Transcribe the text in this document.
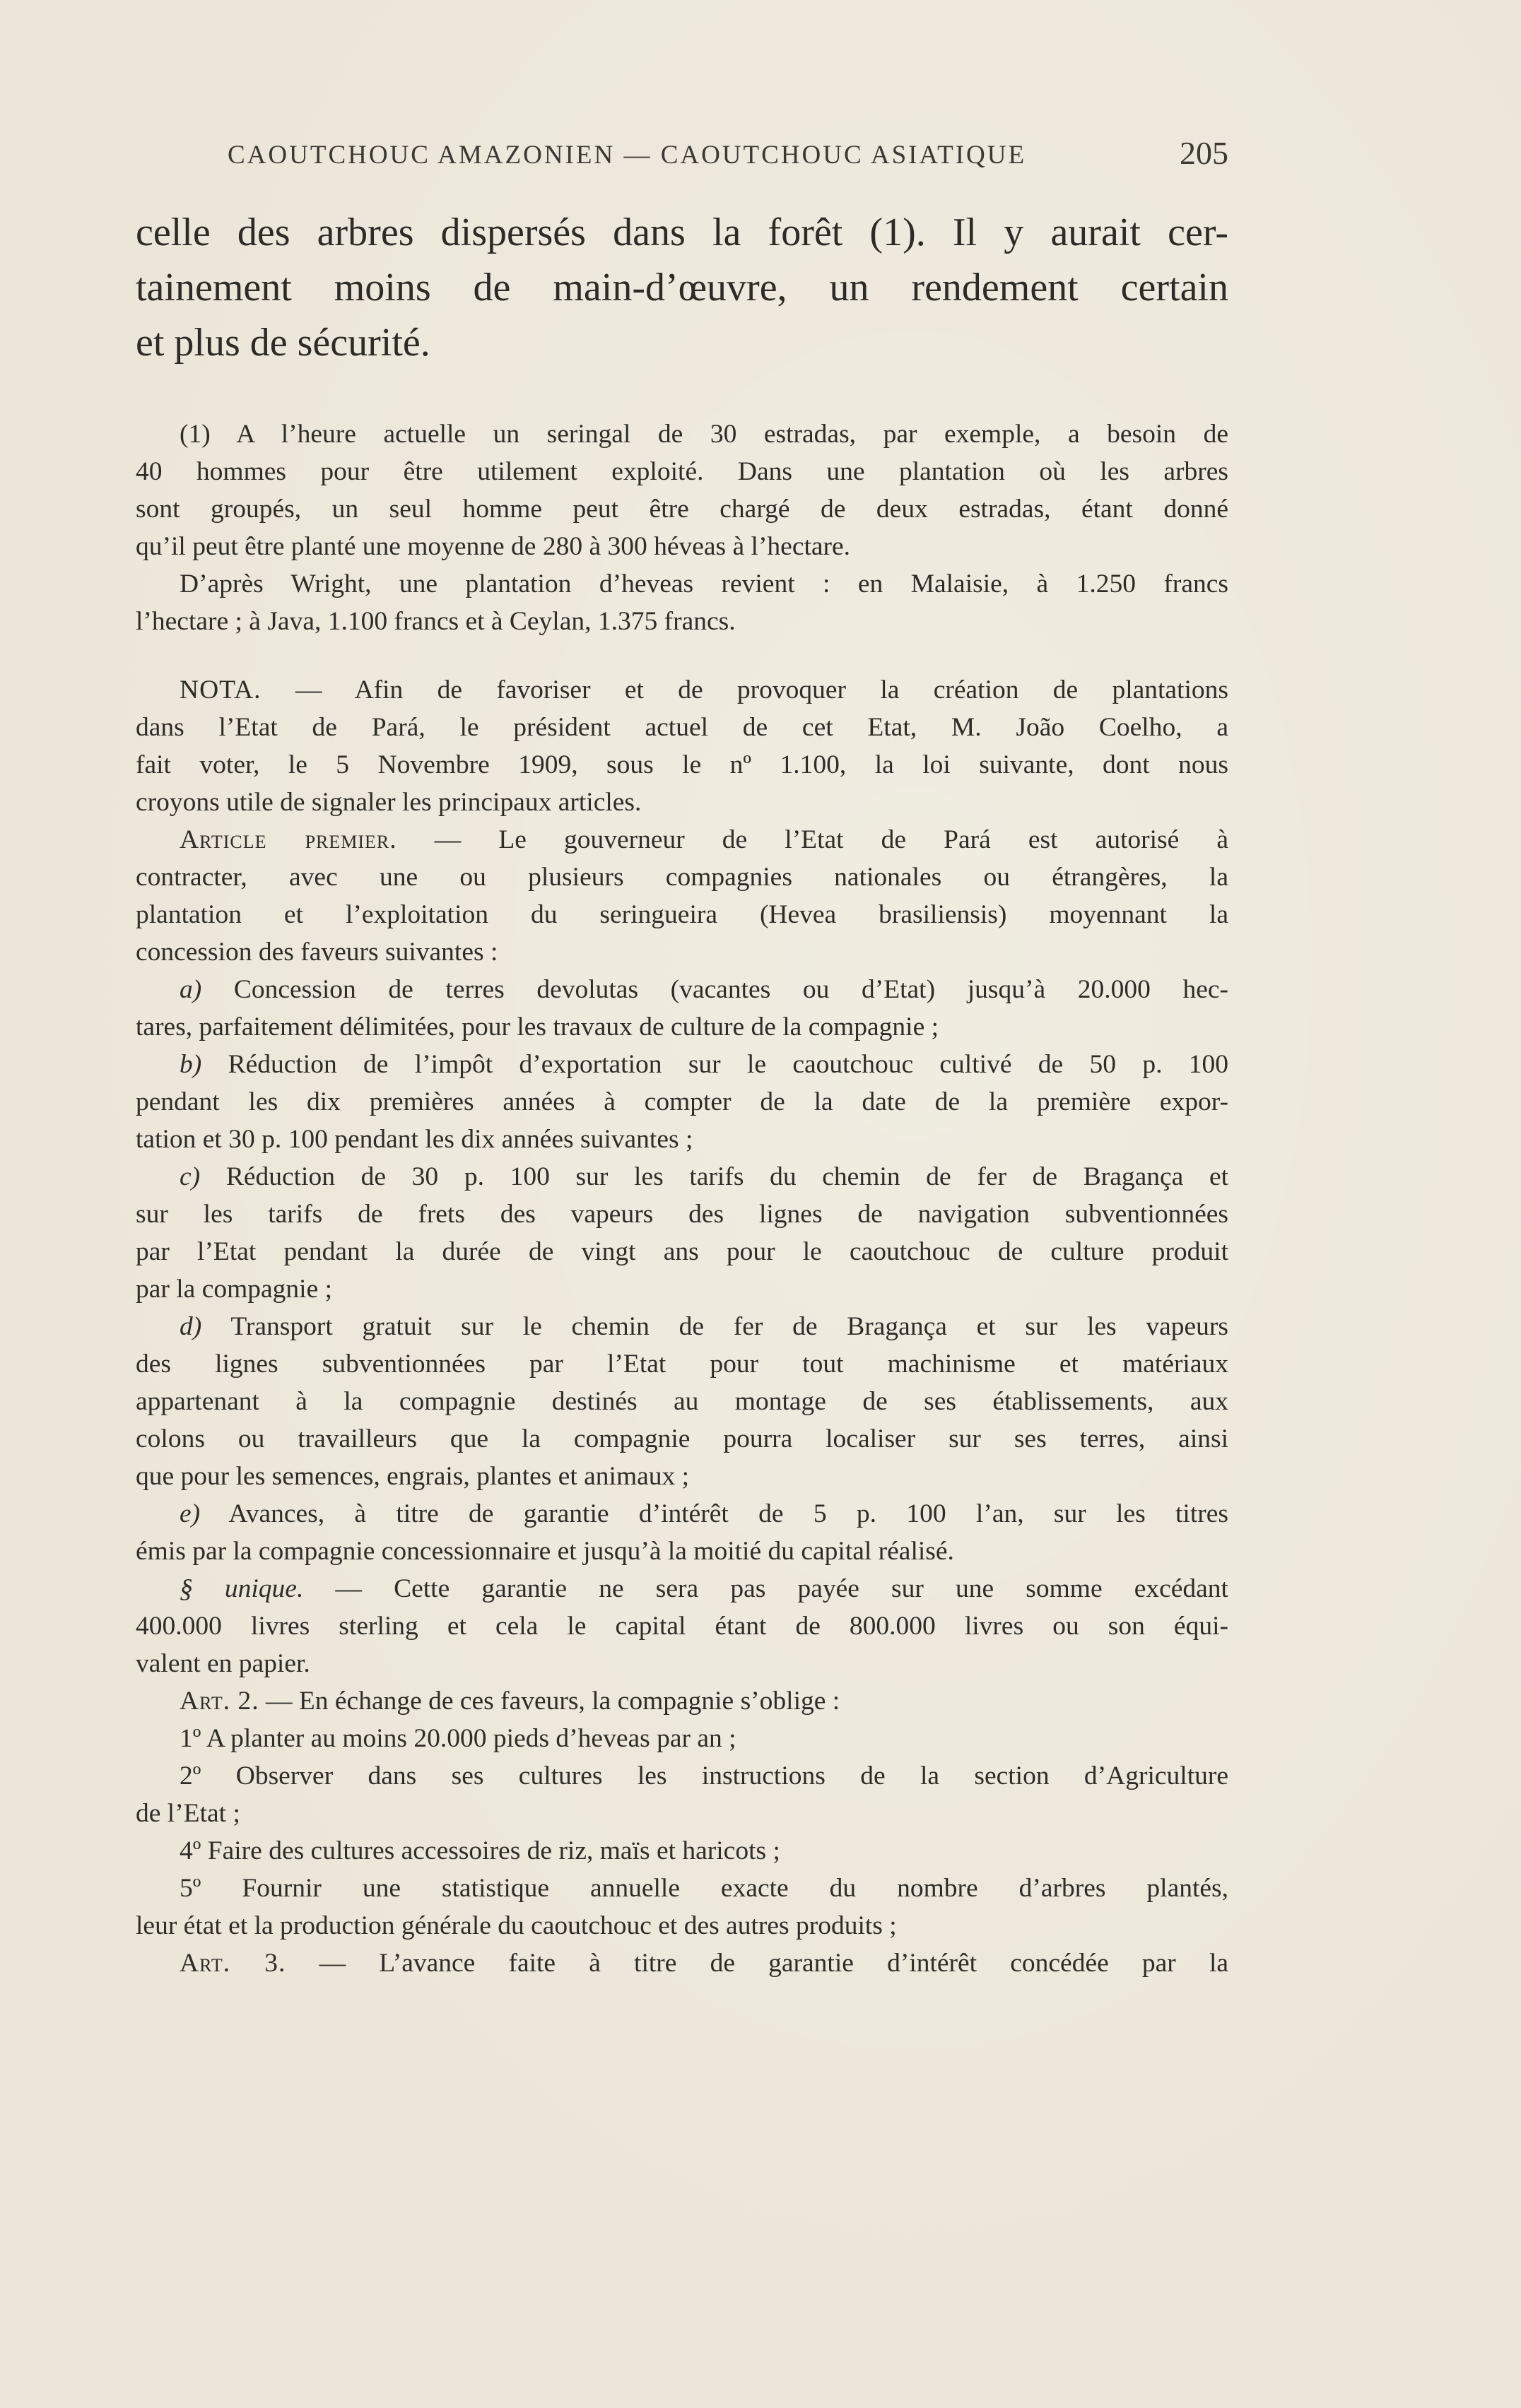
CAOUTCHOUC AMAZONIEN — CAOUTCHOUC ASIATIQUE	205
celle des arbres dispersés dans la forêt (1). Il y aurait cer-
tainement moins de main-d’œuvre, un rendement certain
et plus de sécurité.
(1) A l’heure actuelle un seringal de 30 estradas, par exemple, a besoin de
40 hommes pour être utilement exploité. Dans une plantation où les arbres
sont groupés, un seul homme peut être chargé de deux estradas, étant donné
qu’il peut être planté une moyenne de 280 à 300 héveas à l’hectare.
D’après Wright, une plantation d’heveas revient : en Malaisie, à 1.250 francs
l’hectare ; à Java, 1.100 francs et à Ceylan, 1.375 francs.
NOTA. — Afin de favoriser et de provoquer la création de plantations
dans l’Etat de Pará, le président actuel de cet Etat, M. João Coelho, a
fait voter, le 5 Novembre 1909, sous le nº 1.100, la loi suivante, dont nous
croyons utile de signaler les principaux articles.
Article premier. — Le gouverneur de l’Etat de Pará est autorisé à
contracter, avec une ou plusieurs compagnies nationales ou étrangères, la
plantation et l’exploitation du seringueira (Hevea brasiliensis) moyennant la
concession des faveurs suivantes :
a) Concession de terres devolutas (vacantes ou d’Etat) jusqu’à 20.000 hec-
tares, parfaitement délimitées, pour les travaux de culture de la compagnie ;
b) Réduction de l’impôt d’exportation sur le caoutchouc cultivé de 50 p. 100
pendant les dix premières années à compter de la date de la première expor-
tation et 30 p. 100 pendant les dix années suivantes ;
c) Réduction de 30 p. 100 sur les tarifs du chemin de fer de Bragança et
sur les tarifs de frets des vapeurs des lignes de navigation subventionnées
par l’Etat pendant la durée de vingt ans pour le caoutchouc de culture produit
par la compagnie ;
d) Transport gratuit sur le chemin de fer de Bragança et sur les vapeurs
des lignes subventionnées par l’Etat pour tout machinisme et matériaux
appartenant à la compagnie destinés au montage de ses établissements, aux
colons ou travailleurs que la compagnie pourra localiser sur ses terres, ainsi
que pour les semences, engrais, plantes et animaux ;
e) Avances, à titre de garantie d’intérêt de 5 p. 100 l’an, sur les titres
émis par la compagnie concessionnaire et jusqu’à la moitié du capital réalisé.
§ unique. — Cette garantie ne sera pas payée sur une somme excédant
400.000 livres sterling et cela le capital étant de 800.000 livres ou son équi-
valent en papier.
Art. 2. — En échange de ces faveurs, la compagnie s’oblige :
1º A planter au moins 20.000 pieds d’heveas par an ;
2º Observer dans ses cultures les instructions de la section d’Agriculture
de l’Etat ;
4º Faire des cultures accessoires de riz, maïs et haricots ;
5º Fournir une statistique annuelle exacte du nombre d’arbres plantés,
leur état et la production générale du caoutchouc et des autres produits ;
Art. 3. — L’avance faite à titre de garantie d’intérêt concédée par la
